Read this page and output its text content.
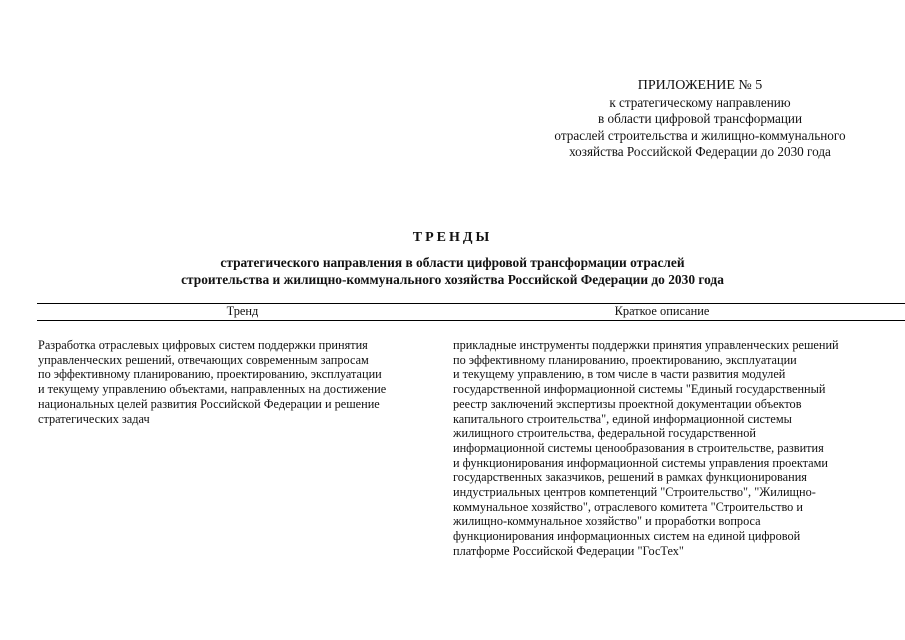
ПРИЛОЖЕНИЕ № 5
к стратегическому направлению
в области цифровой трансформации
отраслей строительства и жилищно-коммунального
хозяйства Российской Федерации до 2030 года
ТРЕНДЫ
стратегического направления в области цифровой трансформации отраслей
строительства и жилищно-коммунального хозяйства Российской Федерации до 2030 года
Тренд	Краткое описание
Разработка отраслевых цифровых систем поддержки принятия
управленческих решений, отвечающих современным запросам
по эффективному планированию, проектированию, эксплуатации
и текущему управлению объектами, направленных на достижение
национальных целей развития Российской Федерации и решение
стратегических задач
прикладные инструменты поддержки принятия управленческих решений
по эффективному планированию, проектированию, эксплуатации
и текущему управлению, в том числе в части развития модулей
государственной информационной системы "Единый государственный
реестр заключений экспертизы проектной документации объектов
капитального строительства", единой информационной системы
жилищного строительства, федеральной государственной
информационной системы ценообразования в строительстве, развития
и функционирования информационной системы управления проектами
государственных заказчиков, решений в рамках функционирования
индустриальных центров компетенций "Строительство", "Жилищно-
коммунальное хозяйство", отраслевого комитета "Строительство и
жилищно-коммунальное хозяйство" и проработки вопроса
функционирования информационных систем на единой цифровой
платформе Российской Федерации "ГосТех"
